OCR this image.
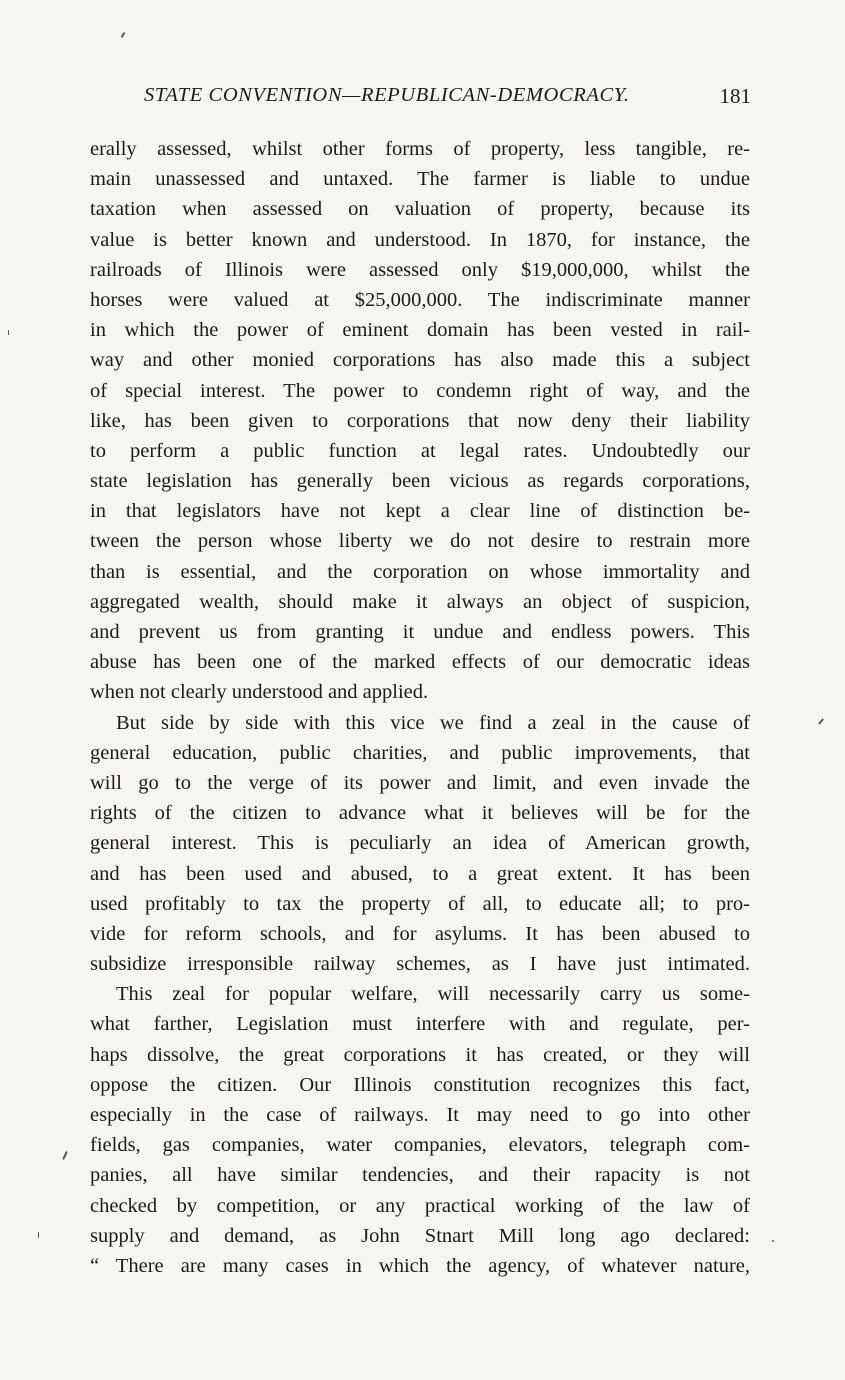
STATE CONVENTION—REPUBLICAN-DEMOCRACY.	181
erally assessed, whilst other forms of property, less tangible, re-
main unassessed and untaxed. The farmer is liable to undue
taxation when assessed on valuation of property, because its
value is better known and understood. In 1870, for instance, the
railroads of Illinois were assessed only $19,000,000, whilst the
horses were valued at $25,000,000. The indiscriminate manner
in which the power of eminent domain has been vested in rail-
way and other monied corporations has also made this a subject
of special interest. The power to condemn right of way, and the
like, has been given to corporations that now deny their liability
to perform a public function at legal rates. Undoubtedly our
state legislation has generally been vicious as regards corporations,
in that legislators have not kept a clear line of distinction be-
tween the person whose liberty we do not desire to restrain more
than is essential, and the corporation on whose immortality and
aggregated wealth, should make it always an object of suspicion,
and prevent us from granting it undue and endless powers. This
abuse has been one of the marked effects of our democratic ideas
when not clearly understood and applied.
But side by side with this vice we find a zeal in the cause of
general education, public charities, and public improvements, that
will go to the verge of its power and limit, and even invade the
rights of the citizen to advance what it believes will be for the
general interest. This is peculiarly an idea of American growth,
and has been used and abused, to a great extent. It has been
used profitably to tax the property of all, to educate all; to pro-
vide for reform schools, and for asylums. It has been abused to
subsidize irresponsible railway schemes, as I have just intimated.
This zeal for popular welfare, will necessarily carry us some-
what farther, Legislation must interfere with and regulate, per-
haps dissolve, the great corporations it has created, or they will
oppose the citizen. Our Illinois constitution recognizes this fact,
especially in the case of railways. It may need to go into other
fields, gas companies, water companies, elevators, telegraph com-
panies, all have similar tendencies, and their rapacity is not
checked by competition, or any practical working of the law of
supply and demand, as John Stnart Mill long ago declared:
“ There are many cases in which the agency, of whatever nature,
